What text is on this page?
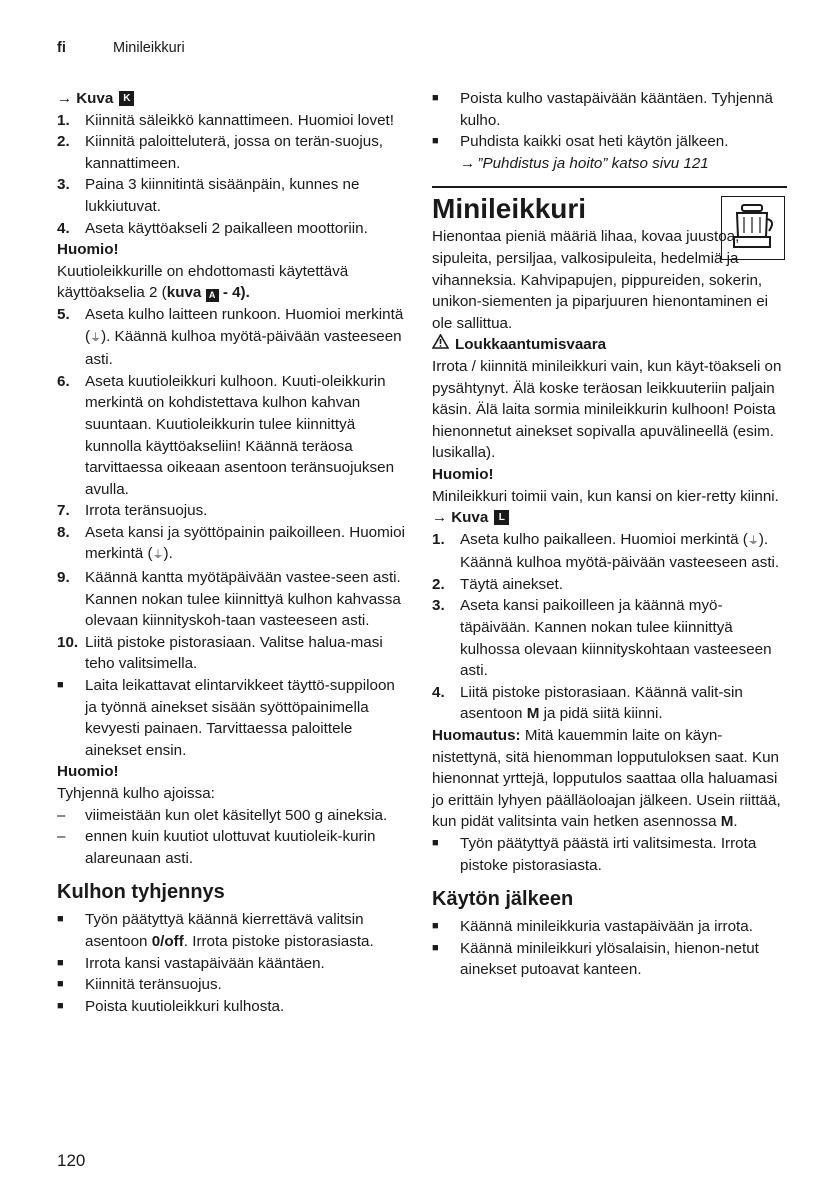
fi	Minileikkuri
→ Kuva K
1.	Kiinnitä säleikkö kannattimeen. Huomioi lovet!
2.	Kiinnitä paloitteluterä, jossa on terän-suojus, kannattimeen.
3.	Paina 3 kiinnitintä sisäänpäin, kunnes ne lukkiutuvat.
4.	Aseta käyttöakseli 2 paikalleen moottoriin.

Huomio!

Kuutioleikkurille on ehdottomasti käytettävä käyttöakselia 2 (kuva A - 4).

5.	Aseta kulho laitteen runkoon. Huomioi merkintä (⏚). Käännä kulhoa myötä-päivään vasteeseen asti.
6.	Aseta kuutioleikkuri kulhoon. Kuuti-oleikkurin merkintä on kohdistettava kulhon kahvan suuntaan. Kuutioleikkurin tulee kiinnittyä kunnolla käyttöakseliin! Käännä teräosa tarvittaessa oikeaan asentoon teränsuojuksen avulla.
7.	Irrota teränsuojus.
8.	Aseta kansi ja syöttöpainin paikoilleen. Huomioi merkintä (⏚).
9.	Käännä kantta myötäpäivään vastee-seen asti. Kannen nokan tulee kiinnittyä kulhon kahvassa olevaan kiinnityskoh-taan vasteeseen asti.
10. Liitä pistoke pistorasiaan. Valitse halua-masi teho valitsimella.
■	Laita leikattavat elintarvikkeet täyttö-suppiloon ja työnnä ainekset sisään syöttöpainimella kevyesti painaen. Tarvittaessa paloittele ainekset ensin.

Huomio!

Tyhjennä kulho ajoissa:

–	viimeistään kun olet käsitellyt 500 g aineksia.
–	ennen kuin kuutiot ulottuvat kuutioleik-kurin alareunaan asti.
Kulhon tyhjennys
■	Työn päätyttyä käännä kierrettävä valitsin asentoon 0/off. Irrota pistoke pistorasiasta.
■	Irrota kansi vastapäivään kääntäen.
■	Kiinnitä teränsuojus.
■	Poista kuutioleikkuri kulhosta.
■	Poista kulho vastapäivään kääntäen. Tyhjennä kulho.
■	Puhdista kaikki osat heti käytön jälkeen.
→ ”Puhdistus ja hoito” katso sivu 121
Minileikkuri

Hienontaa pieniä määriä lihaa, kovaa juustoa, sipuleita, persiljaa, valkosipuleita, hedelmiä ja vihanneksia. Kahvipapujen, pippureiden, sokerin, unikon-siementen ja piparjuuren hienontaminen ei ole sallittua.

Loukkaantumisvaara

Irrota / kiinnitä minileikkuri vain, kun käyt-töakseli on pysähtynyt. Älä koske teräosan leikkuuteriin paljain käsin. Älä laita sormia minileikkurin kulhoon! Poista hienonnetut ainekset sopivalla apuvälineellä (esim. lusikalla).

Huomio!

Minileikkuri toimii vain, kun kansi on kier-retty kiinni.

→ Kuva	L
1.	Aseta kulho paikalleen. Huomioi merkintä (⏚). Käännä kulhoa myötä-päivään vasteeseen asti.
2.	Täytä ainekset.
3.	Aseta kansi paikoilleen ja käännä myö-täpäivään. Kannen nokan tulee kiinnittyä kulhossa olevaan kiinnityskohtaan vasteeseen asti.
4.	Liitä pistoke pistorasiaan. Käännä valit-sin asentoon M ja pidä siitä kiinni.

Huomautus: Mitä kauemmin laite on käyn-nistettynä, sitä hienomman lopputuloksen saat. Kun hienonnat yrttejä, lopputulos saattaa olla haluamasi jo erittäin lyhyen päälläoloajan jälkeen. Usein riittää, kun pidät valitsinta vain hetken asennossa M.

■	Työn päätyttyä päästä irti valitsimesta. Irrota pistoke pistorasiasta.
Käytön jälkeen
■	Käännä minileikkuria vastapäivään ja irrota.
■	Käännä minileikkuri ylösalaisin, hienon-netut ainekset putoavat kanteen.
120
